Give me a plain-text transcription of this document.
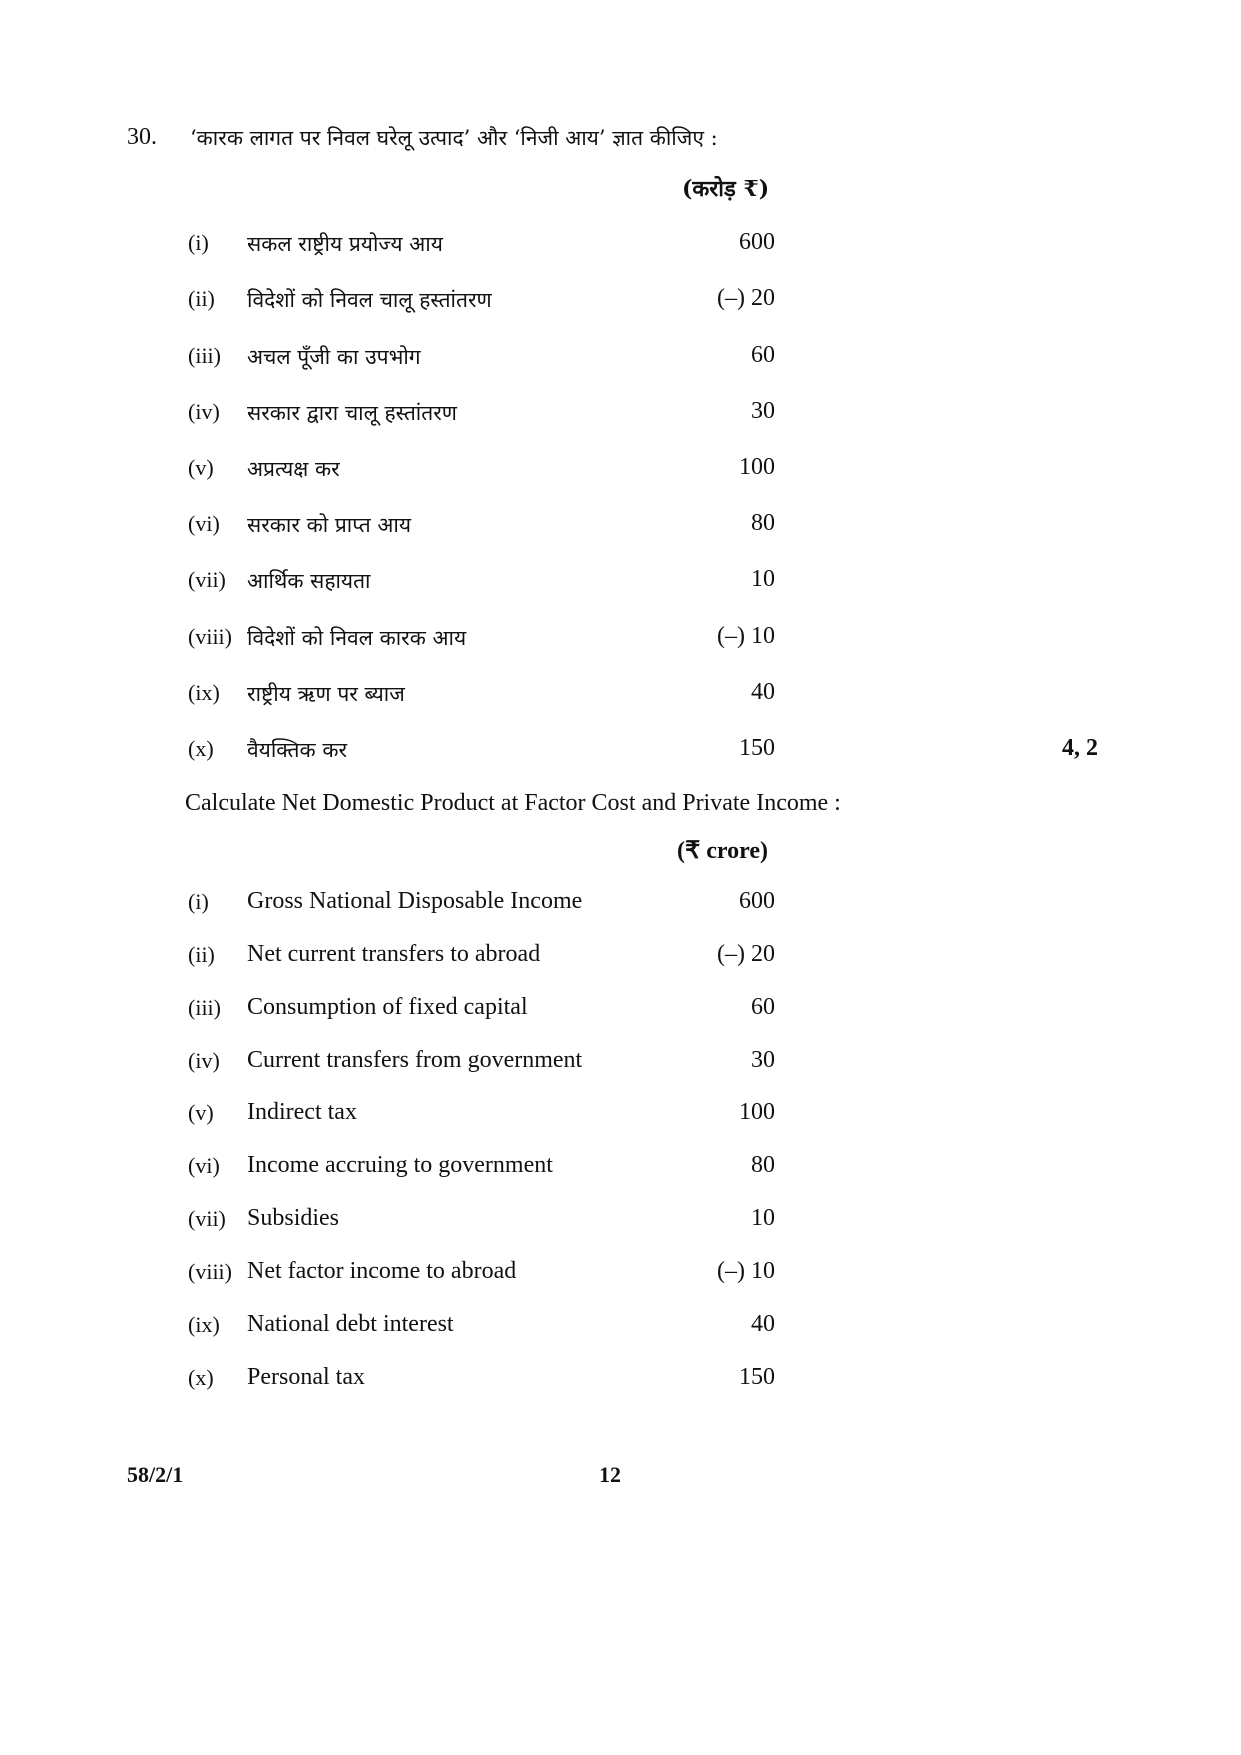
30. ‘कारक लागत पर निवल घरेलू उत्पाद’ और ‘निजी आय’ ज्ञात कीजिए :
(करोड़ ₹)
(i) सकल राष्ट्रीय प्रयोज्य आय	600
(ii) विदेशों को निवल चालू हस्तांतरण	(–) 20
(iii) अचल पूँजी का उपभोग	60
(iv) सरकार द्वारा चालू हस्तांतरण	30
(v) अप्रत्यक्ष कर	100
(vi) सरकार को प्राप्त आय	80
(vii) आर्थिक सहायता	10
(viii) विदेशों को निवल कारक आय	(–) 10
(ix) राष्ट्रीय ऋण पर ब्याज	40
(x) वैयक्तिक कर	150	4, 2
Calculate Net Domestic Product at Factor Cost and Private Income :
(₹ crore)
(i) Gross National Disposable Income	600
(ii) Net current transfers to abroad	(–) 20
(iii) Consumption of fixed capital	60
(iv) Current transfers from government	30
(v) Indirect tax	100
(vi) Income accruing to government	80
(vii) Subsidies	10
(viii) Net factor income to abroad	(–) 10
(ix) National debt interest	40
(x) Personal tax	150
58/2/1	12
